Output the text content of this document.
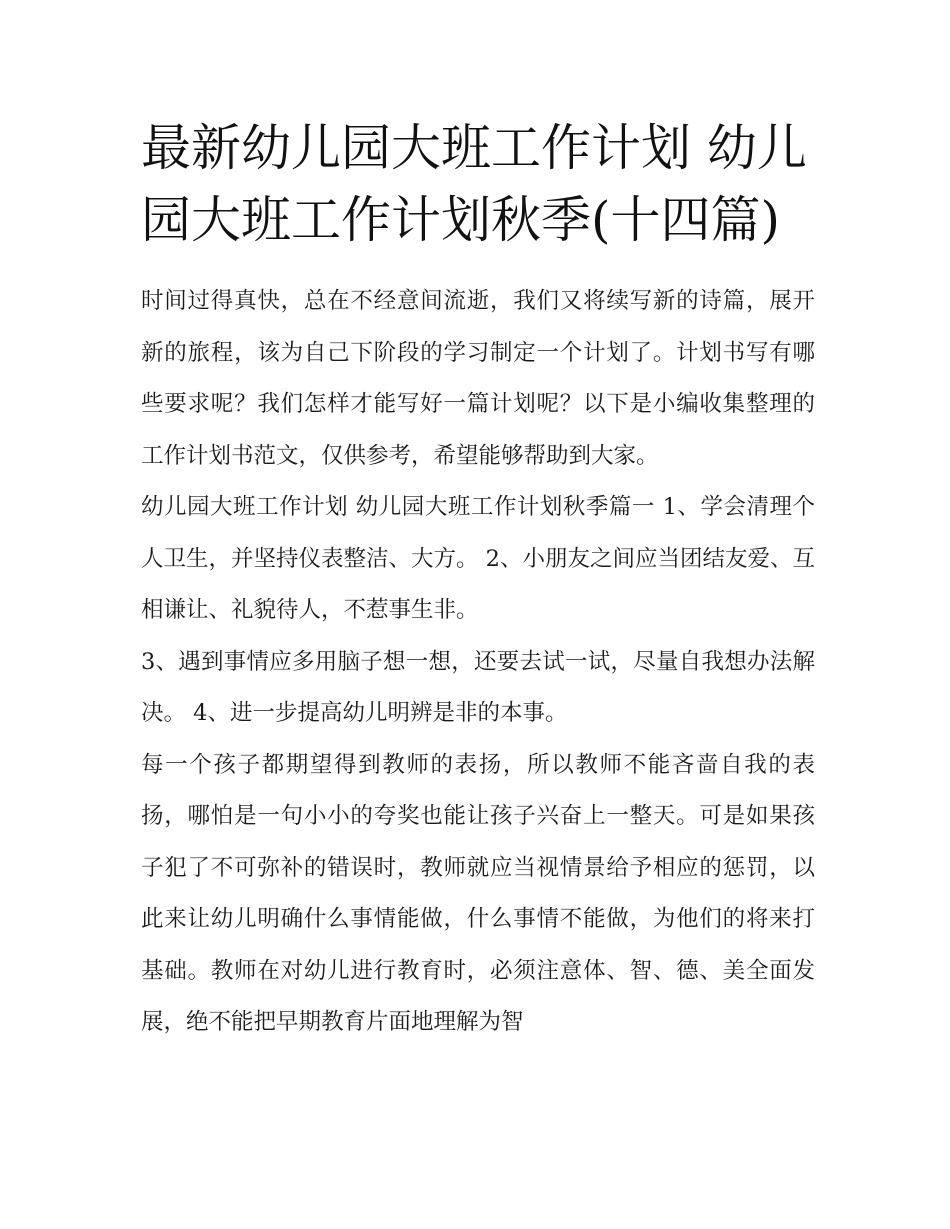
最新幼儿园大班工作计划 幼儿园大班工作计划秋季(十四篇)

时间过得真快，总在不经意间流逝，我们又将续写新的诗篇，展开新的旅程，该为自己下阶段的学习制定一个计划了。计划书写有哪些要求呢？我们怎样才能写好一篇计划呢？以下是小编收集整理的工作计划书范文，仅供参考，希望能够帮助到大家。

幼儿园大班工作计划 幼儿园大班工作计划秋季篇一 1、学会清理个人卫生，并坚持仪表整洁、大方。 2、小朋友之间应当团结友爱、互相谦让、礼貌待人，不惹事生非。

3、遇到事情应多用脑子想一想，还要去试一试，尽量自我想办法解决。 4、进一步提高幼儿明辨是非的本事。

每一个孩子都期望得到教师的表扬，所以教师不能吝啬自我的表扬，哪怕是一句小小的夸奖也能让孩子兴奋上一整天。可是如果孩子犯了不可弥补的错误时，教师就应当视情景给予相应的惩罚，以此来让幼儿明确什么事情能做，什么事情不能做，为他们的将来打基础。教师在对幼儿进行教育时，必须注意体、智、德、美全面发展，绝不能把早期教育片面地理解为智
